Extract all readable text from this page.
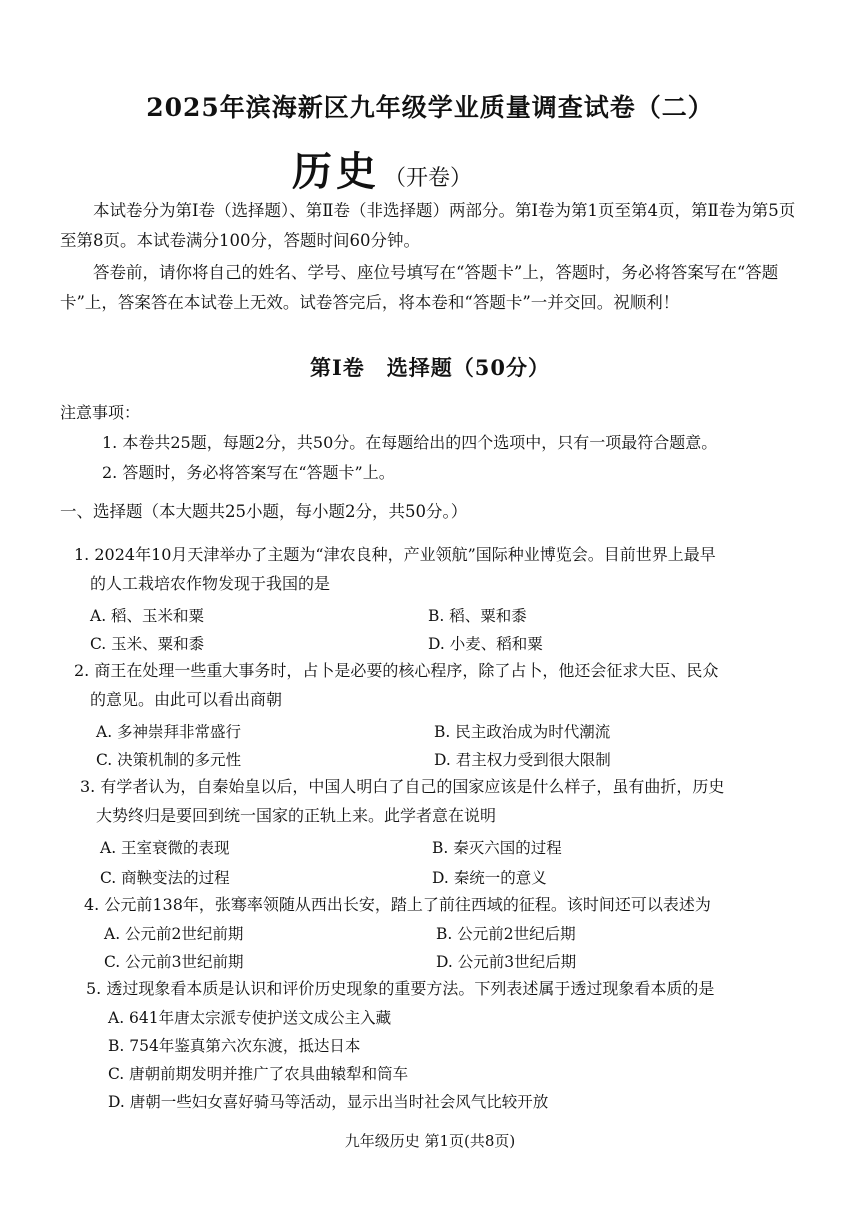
2025年滨海新区九年级学业质量调查试卷（二）
历史 （开卷）

本试卷分为第Ⅰ卷（选择题）、第Ⅱ卷（非选择题）两部分。第Ⅰ卷为第1页至第4页，第Ⅱ卷为第5页至第8页。本试卷满分100分，答题时间60分钟。

答卷前，请你将自己的姓名、学号、座位号填写在“答题卡”上，答题时，务必将答案写在“答题卡”上，答案答在本试卷上无效。试卷答完后，将本卷和“答题卡”一并交回。祝顺利！

第Ⅰ卷　选择题（50分）
注意事项：
1. 本卷共25题，每题2分，共50分。在每题给出的四个选项中，只有一项最符合题意。
2. 答题时，务必将答案写在“答题卡”上。
一、选择题（本大题共25小题，每小题2分，共50分。）

1. 2024年10月天津举办了主题为“津农良种，产业领航”国际种业博览会。目前世界上最早

的人工栽培农作物发现于我国的是

A. 稻、玉米和粟	B. 稻、粟和黍
C. 玉米、粟和黍	D. 小麦、稻和粟

2. 商王在处理一些重大事务时，占卜是必要的核心程序，除了占卜，他还会征求大臣、民众

的意见。由此可以看出商朝

A. 多神崇拜非常盛行	B. 民主政治成为时代潮流
C. 决策机制的多元性	D. 君主权力受到很大限制

3. 有学者认为，自秦始皇以后，中国人明白了自己的国家应该是什么样子，虽有曲折，历史

大势终归是要回到统一国家的正轨上来。此学者意在说明

A. 王室衰微的表现	B. 秦灭六国的过程
C. 商鞅变法的过程	D. 秦统一的意义

4. 公元前138年，张骞率领随从西出长安，踏上了前往西域的征程。该时间还可以表述为

A. 公元前2世纪前期	B. 公元前2世纪后期
C. 公元前3世纪前期	D. 公元前3世纪后期

5. 透过现象看本质是认识和评价历史现象的重要方法。下列表述属于透过现象看本质的是

A. 641年唐太宗派专使护送文成公主入藏
B. 754年鉴真第六次东渡，抵达日本
C. 唐朝前期发明并推广了农具曲辕犁和筒车
D. 唐朝一些妇女喜好骑马等活动，显示出当时社会风气比较开放
九年级历史 第1页(共8页)
